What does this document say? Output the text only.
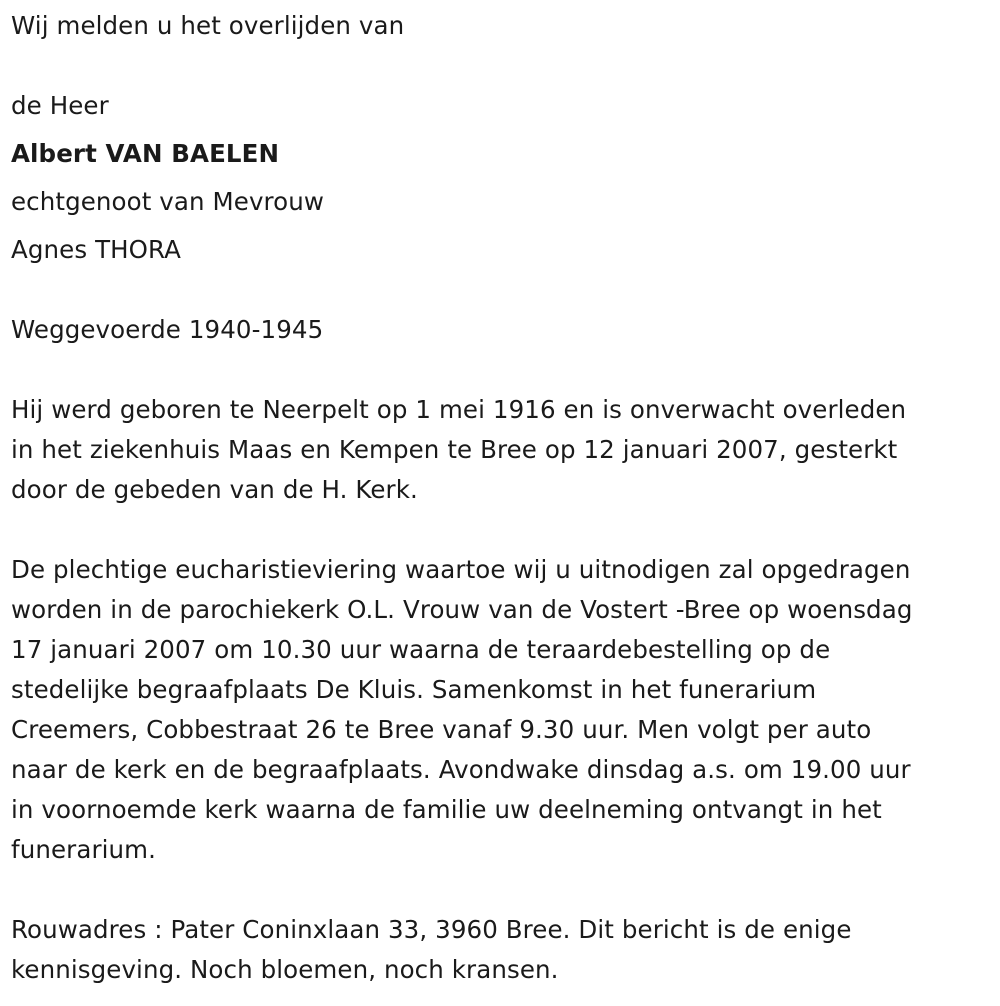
Wij melden u het overlijden van
de Heer
Albert VAN BAELEN
echtgenoot van Mevrouw
Agnes THORA
Weggevoerde 1940-1945
Hij werd geboren te Neerpelt op 1 mei 1916 en is onverwacht overleden
in het ziekenhuis Maas en Kempen te Bree op 12 januari 2007, gesterkt
door de gebeden van de H. Kerk.
De plechtige eucharistieviering waartoe wij u uitnodigen zal opgedragen
worden in de parochiekerk O.L. Vrouw van de Vostert -Bree op woensdag
17 januari 2007 om 10.30 uur waarna de teraardebestelling op de
stedelijke begraafplaats De Kluis. Samenkomst in het funerarium
Creemers, Cobbestraat 26 te Bree vanaf 9.30 uur. Men volgt per auto
naar de kerk en de begraafplaats. Avondwake dinsdag a.s. om 19.00 uur
in voornoemde kerk waarna de familie uw deelneming ontvangt in het
funerarium.
Rouwadres : Pater Coninxlaan 33, 3960 Bree. Dit bericht is de enige
kennisgeving. Noch bloemen, noch kransen.
